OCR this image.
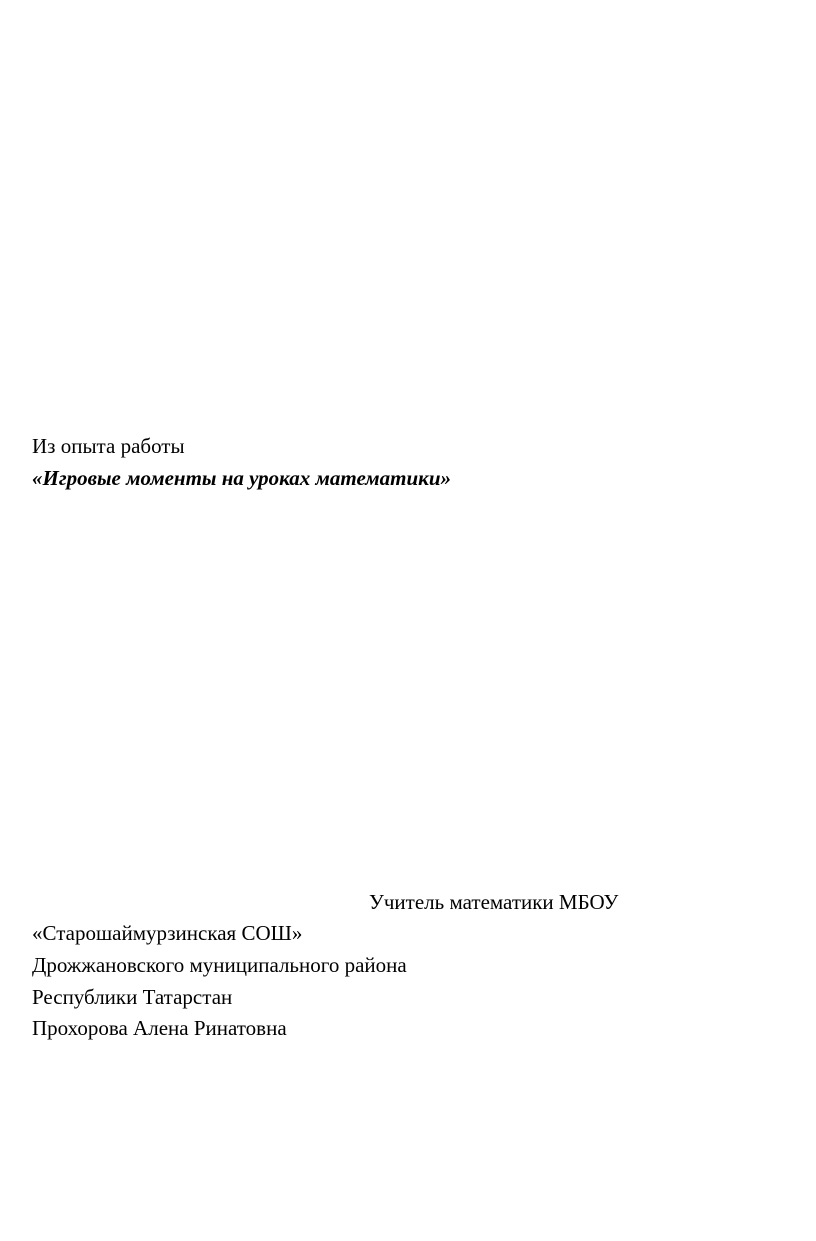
Из опыта работы
«Игровые моменты на уроках математики»
Учитель математики МБОУ
«Старошаймурзинская СОШ»
Дрожжановского муниципального района
Республики Татарстан
Прохорова Алена Ринатовна
